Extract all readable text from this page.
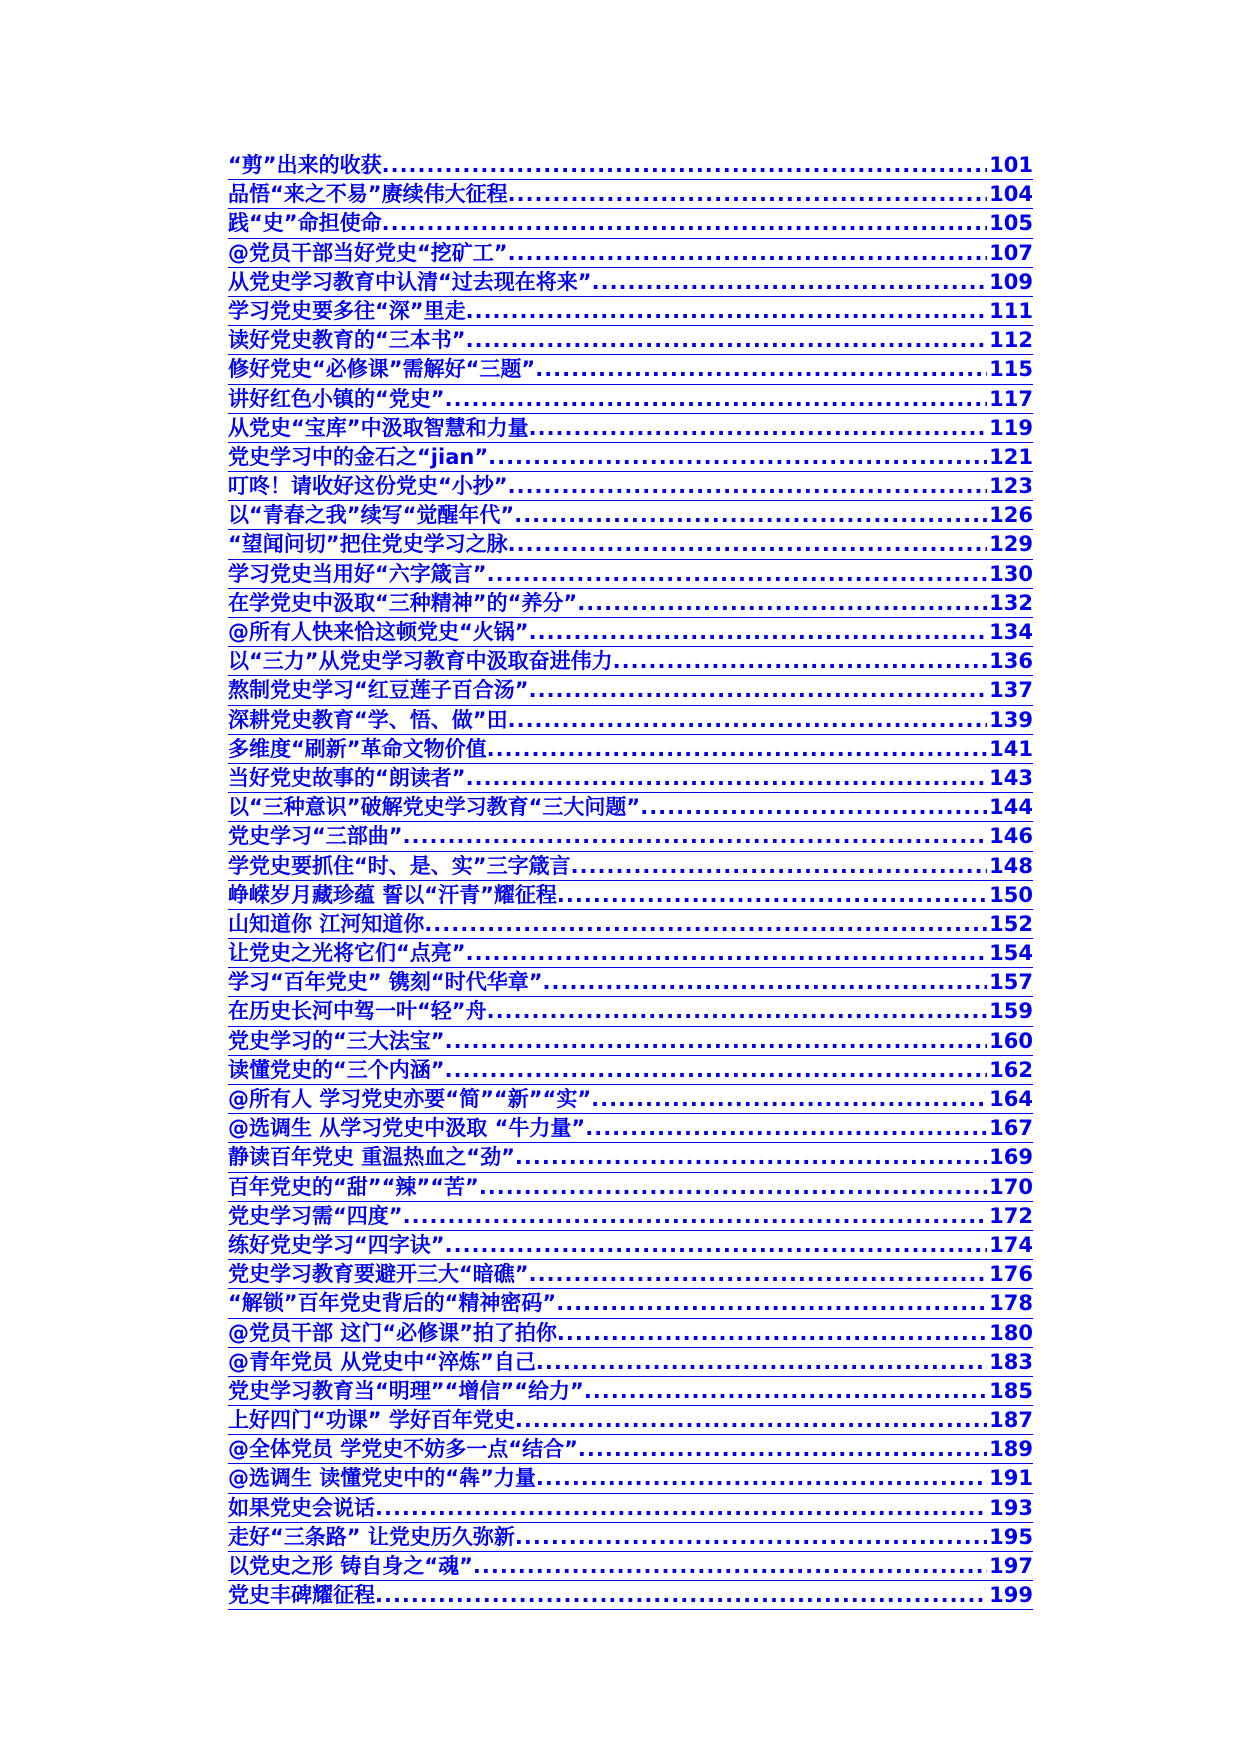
“剪”出来的收获 .....	101
品悟“来之不易”赓续伟大征程 .....	104
践“史”命担使命 .....	105
@党员干部当好党史“挖矿工” .....	107
从党史学习教育中认清“过去现在将来” .....	109
学习党史要多往“深”里走 .....	111
读好党史教育的“三本书” .....	112
修好党史“必修课”需解好“三题” .....	115
讲好红色小镇的“党史” .....	117
从党史“宝库”中汲取智慧和力量 .....	119
党史学习中的金石之“jian” .....	121
叮咚！请收好这份党史“小抄” .....	123
以“青春之我”续写“觉醒年代” .....	126
“望闻问切”把住党史学习之脉 .....	129
学习党史当用好“六字箴言” .....	130
在学党史中汲取“三种精神”的“养分” .....	132
@所有人快来恰这顿党史“火锅” .....	134
以“三力”从党史学习教育中汲取奋进伟力 .....	136
熬制党史学习“红豆莲子百合汤” .....	137
深耕党史教育“学、悟、做”田 .....	139
多维度“刷新”革命文物价值 .....	141
当好党史故事的“朗读者” .....	143
以“三种意识”破解党史学习教育“三大问题” .....	144
党史学习“三部曲” .....	146
学党史要抓住“时、是、实”三字箴言 .....	148
峥嵘岁月藏珍蕴 誓以“汗青”耀征程 .....	150
山知道你 江河知道你 .....	152
让党史之光将它们“点亮” .....	154
学习“百年党史” 镌刻“时代华章” .....	157
在历史长河中驾一叶“轻”舟 .....	159
党史学习的“三大法宝” .....	160
读懂党史的“三个内涵” .....	162
@所有人 学习党史亦要“简”“新”“实” .....	164
@选调生 从学习党史中汲取 “牛力量” .....	167
静读百年党史 重温热血之“劲” .....	169
百年党史的“甜”“辣”“苦” .....	170
党史学习需“四度” .....	172
练好党史学习“四字诀” .....	174
党史学习教育要避开三大“暗礁” .....	176
“解锁”百年党史背后的“精神密码” .....	178
@党员干部 这门“必修课”拍了拍你 .....	180
@青年党员 从党史中“淬炼”自己 .....	183
党史学习教育当“明理”“增信”“给力” .....	185
上好四门“功课” 学好百年党史 .....	187
@全体党员 学党史不妨多一点“结合” .....	189
@选调生 读懂党史中的“犇”力量 .....	191
如果党史会说话 .....	193
走好“三条路” 让党史历久弥新 .....	195
以党史之形 铸自身之“魂” .....	197
党史丰碑耀征程 .....	199
